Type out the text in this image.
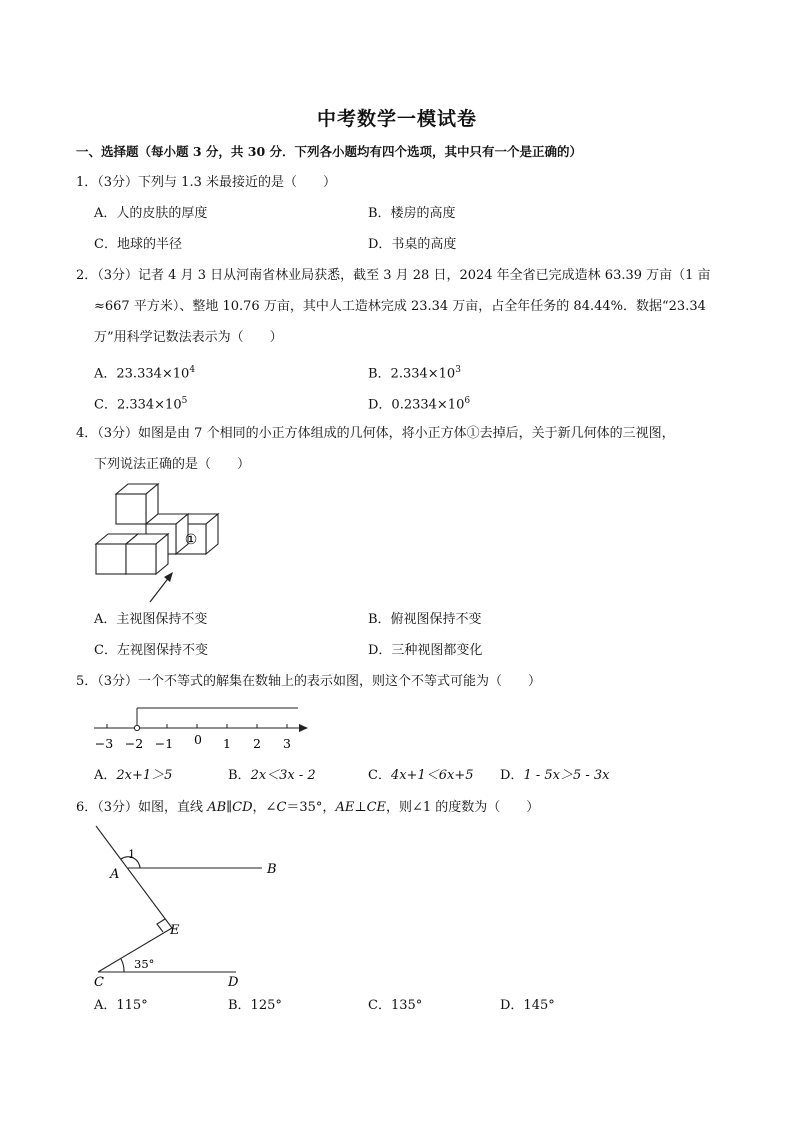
中考数学一模试卷
一、选择题（每小题 3 分，共 30 分．下列各小题均有四个选项，其中只有一个是正确的）
1．（3分）下列与 1.3 米最接近的是（　　）
A．人的皮肤的厚度	B．楼房的高度
C．地球的半径	D．书桌的高度
2．（3分）记者 4 月 3 日从河南省林业局获悉，截至 3 月 28 日，2024 年全省已完成造林 63.39 万亩（1 亩
≈667 平方米）、整地 10.76 万亩，其中人工造林完成 23.34 万亩，占全年任务的 84.44%．数据“23.34
万”用科学记数法表示为（　　）
A．$23.334\times 10^4$	B．$2.334\times 10^3$
C．$2.334\times 10^5$	D．$0.2334\times 10^6$
4．（3分）如图是由 7 个相同的小正方体组成的几何体，将小正方体①去掉后，关于新几何体的三视图，
下列说法正确的是（　　）
①
A．主视图保持不变	B．俯视图保持不变
C．左视图保持不变	D．三种视图都变化
5．（3分）一个不等式的解集在数轴上的表示如图，则这个不等式可能为（　　）
−3 −2 −1 0 1 2 3
A．2x+1＞5	B．2x＜3x - 2	C．4x+1＜6x+5 D．1 - 5x＞5 - 3x
6．（3分）如图，直线 AB∥CD，∠C＝35°，AE⊥CE，则∠1 的度数为（　　）
A	B
C	D
E
1
35°
A．115°	B．125°	C．135°	D．145°
